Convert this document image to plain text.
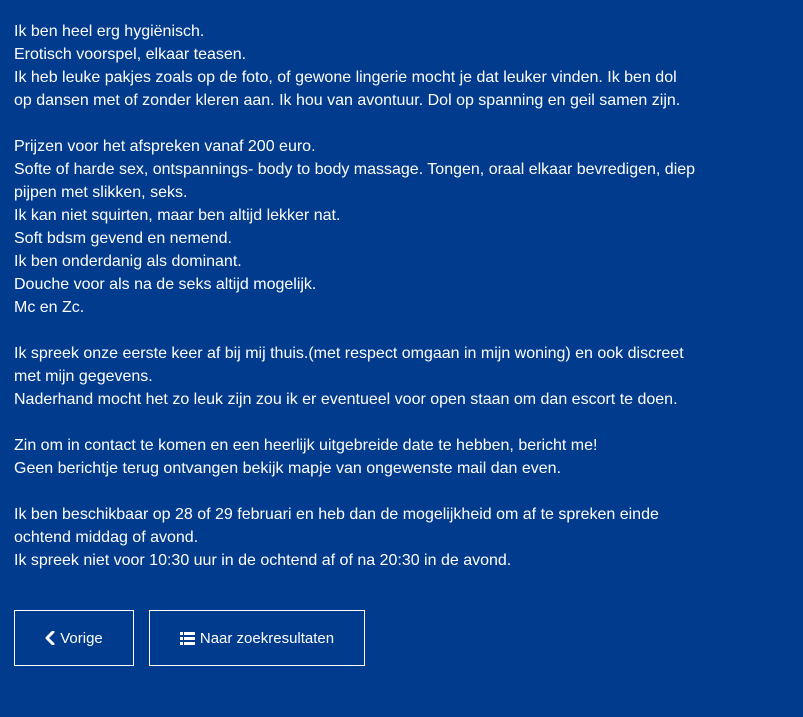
Ik ben heel erg hygiënisch.
Erotisch voorspel, elkaar teasen.
Ik heb leuke pakjes zoals op de foto, of gewone lingerie mocht je dat leuker vinden. Ik ben dol
op dansen met of zonder kleren aan. Ik hou van avontuur. Dol op spanning en geil samen zijn.

Prijzen voor het afspreken vanaf 200 euro.
Softe of harde sex, ontspannings- body to body massage. Tongen, oraal elkaar bevredigen, diep
pijpen met slikken, seks.
Ik kan niet squirten, maar ben altijd lekker nat.
Soft bdsm gevend en nemend.
Ik ben onderdanig als dominant.
Douche voor als na de seks altijd mogelijk.
Mc en Zc.

Ik spreek onze eerste keer af bij mij thuis.(met respect omgaan in mijn woning) en ook discreet
met mijn gegevens.
Naderhand mocht het zo leuk zijn zou ik er eventueel voor open staan om dan escort te doen.

Zin om in contact te komen en een heerlijk uitgebreide date te hebben, bericht me!
Geen berichtje terug ontvangen bekijk mapje van ongewenste mail dan even.

Ik ben beschikbaar op 28 of 29 februari en heb dan de mogelijkheid om af te spreken einde
ochtend middag of avond.
Ik spreek niet voor 10:30 uur in de ochtend af of na 20:30 in de avond.

Vorige	Naar zoekresultaten
